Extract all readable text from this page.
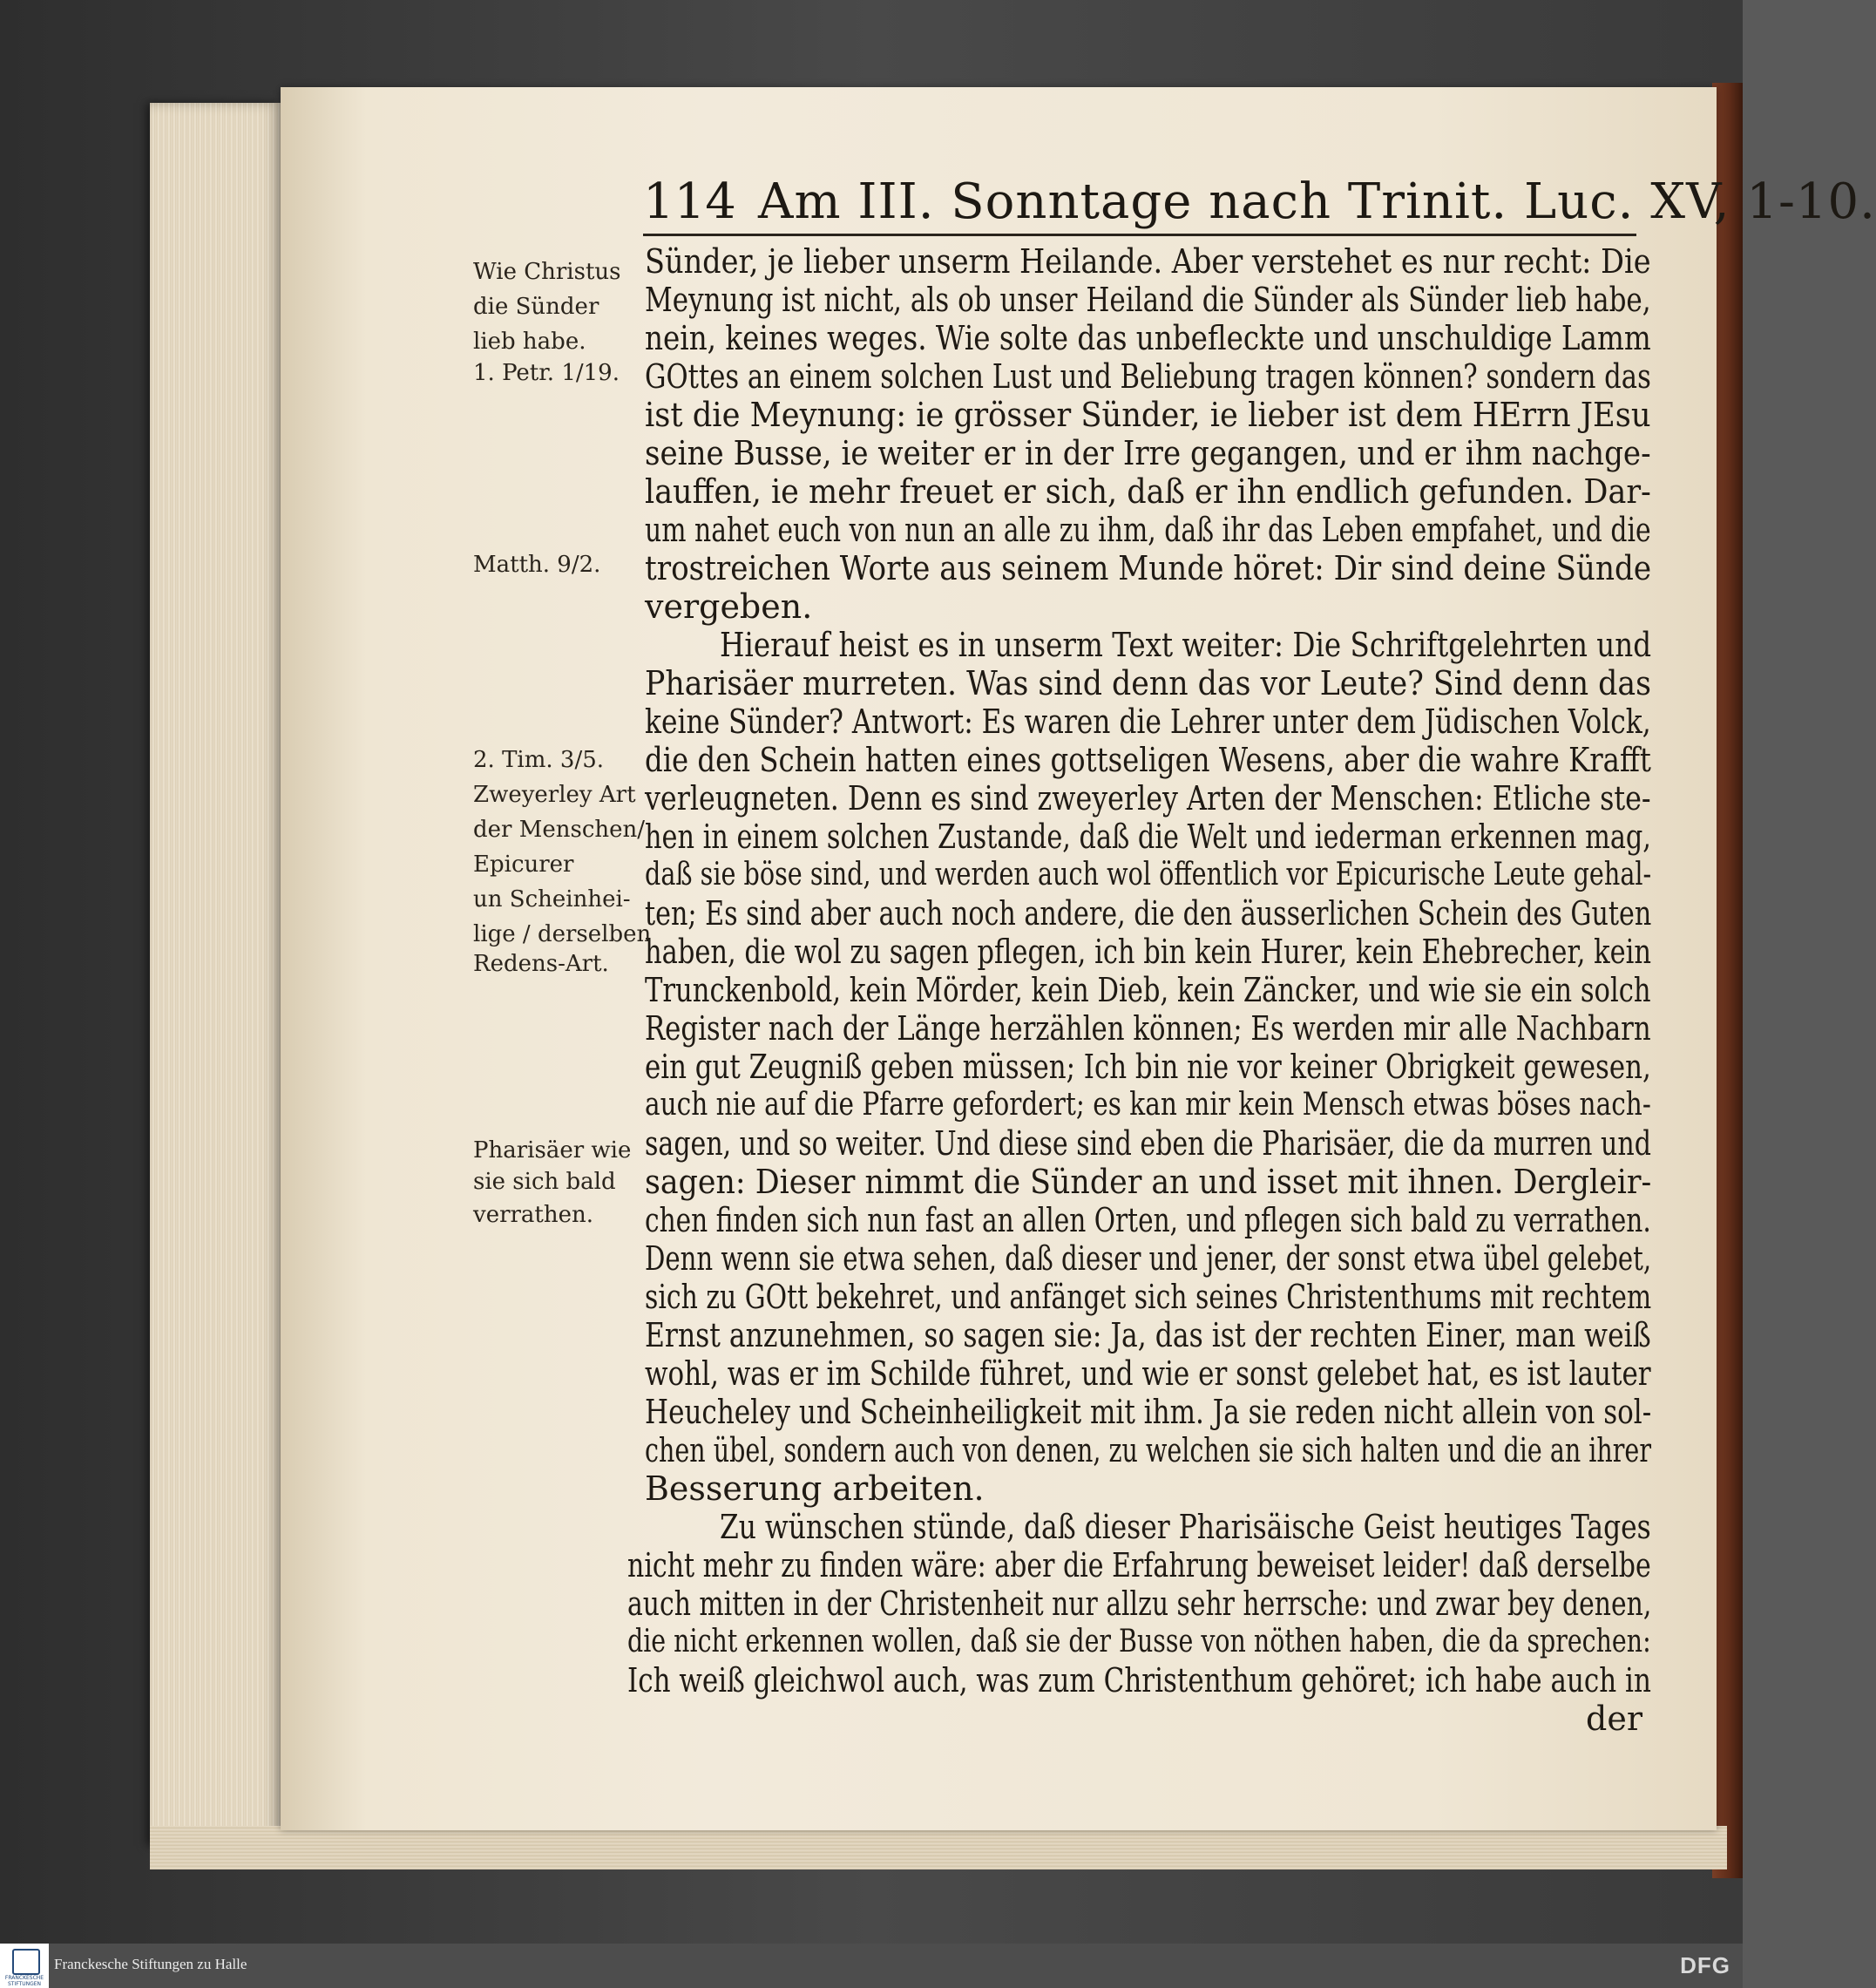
114 Am III. Sonntage nach Trinit. Luc. XV, 1-10.
Sünder, je lieber unserm Heilande. Aber verstehet es nur recht: Die
Meynung ist nicht, als ob unser Heiland die Sünder als Sünder lieb habe,
nein, keines weges. Wie solte das unbefleckte und unschuldige Lamm
GOttes an einem solchen Lust und Beliebung tragen können? sondern das
ist die Meynung: ie grösser Sünder, ie lieber ist dem HErrn JEsu
seine Busse, ie weiter er in der Irre gegangen, und er ihm nachge-
lauffen, ie mehr freuet er sich, daß er ihn endlich gefunden. Dar-
um nahet euch von nun an alle zu ihm, daß ihr das Leben empfahet, und die
trostreichen Worte aus seinem Munde höret: Dir sind deine Sünde
vergeben.
Hierauf heist es in unserm Text weiter: Die Schriftgelehrten und
Pharisäer murreten. Was sind denn das vor Leute? Sind denn das
keine Sünder? Antwort: Es waren die Lehrer unter dem Jüdischen Volck,
die den Schein hatten eines gottseligen Wesens, aber die wahre Krafft
verleugneten. Denn es sind zweyerley Arten der Menschen: Etliche ste-
hen in einem solchen Zustande, daß die Welt und iederman erkennen mag,
daß sie böse sind, und werden auch wol öffentlich vor Epicurische Leute gehal-
ten; Es sind aber auch noch andere, die den äusserlichen Schein des Guten
haben, die wol zu sagen pflegen, ich bin kein Hurer, kein Ehebrecher, kein
Trunckenbold, kein Mörder, kein Dieb, kein Zäncker, und wie sie ein solch
Register nach der Länge herzählen können; Es werden mir alle Nachbarn
ein gut Zeugniß geben müssen; Ich bin nie vor keiner Obrigkeit gewesen,
auch nie auf die Pfarre gefordert; es kan mir kein Mensch etwas böses nach-
sagen, und so weiter. Und diese sind eben die Pharisäer, die da murren und
sagen: Dieser nimmt die Sünder an und isset mit ihnen. Dergleir-
chen finden sich nun fast an allen Orten, und pflegen sich bald zu verrathen.
Denn wenn sie etwa sehen, daß dieser und jener, der sonst etwa übel gelebet,
sich zu GOtt bekehret, und anfänget sich seines Christenthums mit rechtem
Ernst anzunehmen, so sagen sie: Ja, das ist der rechten Einer, man weiß
wohl, was er im Schilde führet, und wie er sonst gelebet hat, es ist lauter
Heucheley und Scheinheiligkeit mit ihm. Ja sie reden nicht allein von sol-
chen übel, sondern auch von denen, zu welchen sie sich halten und die an ihrer
Besserung arbeiten.
Zu wünschen stünde, daß dieser Pharisäische Geist heutiges Tages
nicht mehr zu finden wäre: aber die Erfahrung beweiset leider! daß derselbe
auch mitten in der Christenheit nur allzu sehr herrsche: und zwar bey denen,
die nicht erkennen wollen, daß sie der Busse von nöthen haben, die da sprechen:
Ich weiß gleichwol auch, was zum Christenthum gehöret; ich habe auch in
der
Wie Christus
die Sünder
lieb habe.
1. Petr. 1/19.
Matth. 9/2.
2. Tim. 3/5.
Zweyerley Art
der Menschen/
Epicurer
un Scheinhei-
lige / derselben
Redens-Art.
Pharisäer wie
sie sich bald
verrathen.
FRANCKESCHE STIFTUNGEN
Franckesche Stiftungen zu Halle	DFG
